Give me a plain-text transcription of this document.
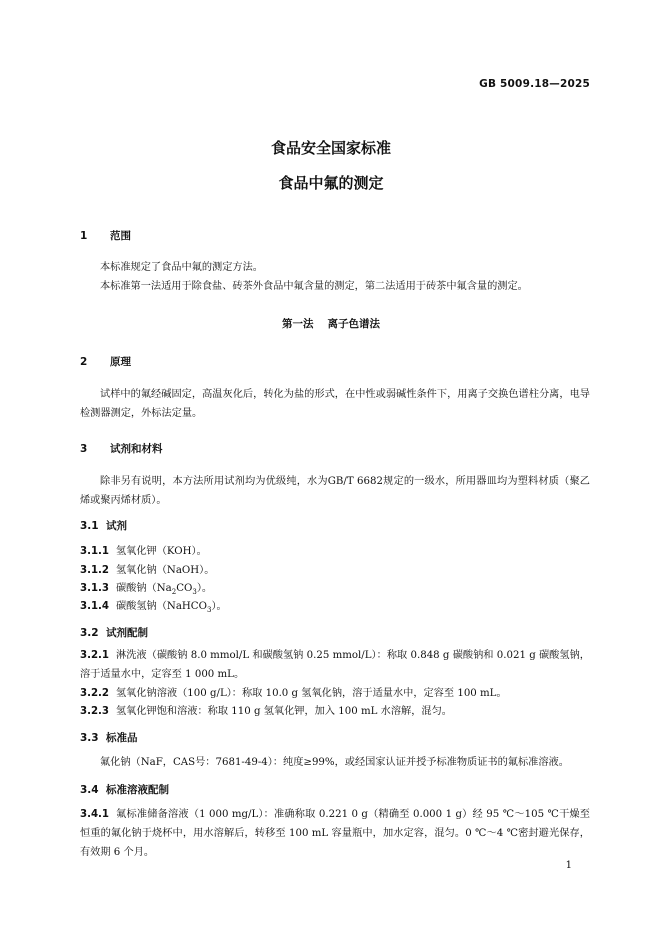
GB 5009.18—2025
食品安全国家标准
食品中氟的测定
1 范围
本标准规定了食品中氟的测定方法。
本标准第一法适用于除食盐、砖茶外食品中氟含量的测定，第二法适用于砖茶中氟含量的测定。
第一法 离子色谱法
2 原理
试样中的氟经碱固定，高温灰化后，转化为盐的形式，在中性或弱碱性条件下，用离子交换色谱柱分离，电导检测器测定，外标法定量。
3 试剂和材料
除非另有说明，本方法所用试剂均为优级纯，水为GB/T 6682规定的一级水，所用器皿均为塑料材质（聚乙烯或聚丙烯材质）。
3.1 试剂
3.1.1 氢氧化钾（KOH）。
3.1.2 氢氧化钠（NaOH）。
3.1.3 碳酸钠$(Na_2CO_3)$。
3.1.4 碳酸氢钠（NaHCO$_3$）。
3.2 试剂配制
3.2.1 淋洗液（碳酸钠 8.0 mmol/L 和碳酸氢钠 0.25 mmol/L）：称取 0.848 g 碳酸钠和 0.021 g 碳酸氢钠，溶于适量水中，定容至 1 000 mL。
3.2.2 氢氧化钠溶液（100 g/L）：称取 10.0 g 氢氧化钠，溶于适量水中，定容至 100 mL。
3.2.3 氢氧化钾饱和溶液：称取 110 g 氢氧化钾，加入 100 mL 水溶解，混匀。
3.3 标准品
氟化钠（NaF，CAS号：7681-49-4）：纯度≥99%，或经国家认证并授予标准物质证书的氟标准溶液。
3.4 标准溶液配制
3.4.1 氟标准储备溶液（1 000 mg/L）：准确称取 0.221 0 g（精确至 0.000 1 g）经 95 ℃～105 ℃干燥至恒重的氟化钠于烧杯中，用水溶解后，转移至 100 mL 容量瓶中，加水定容，混匀。0 ℃～4 ℃密封避光保存，有效期 6 个月。
1
